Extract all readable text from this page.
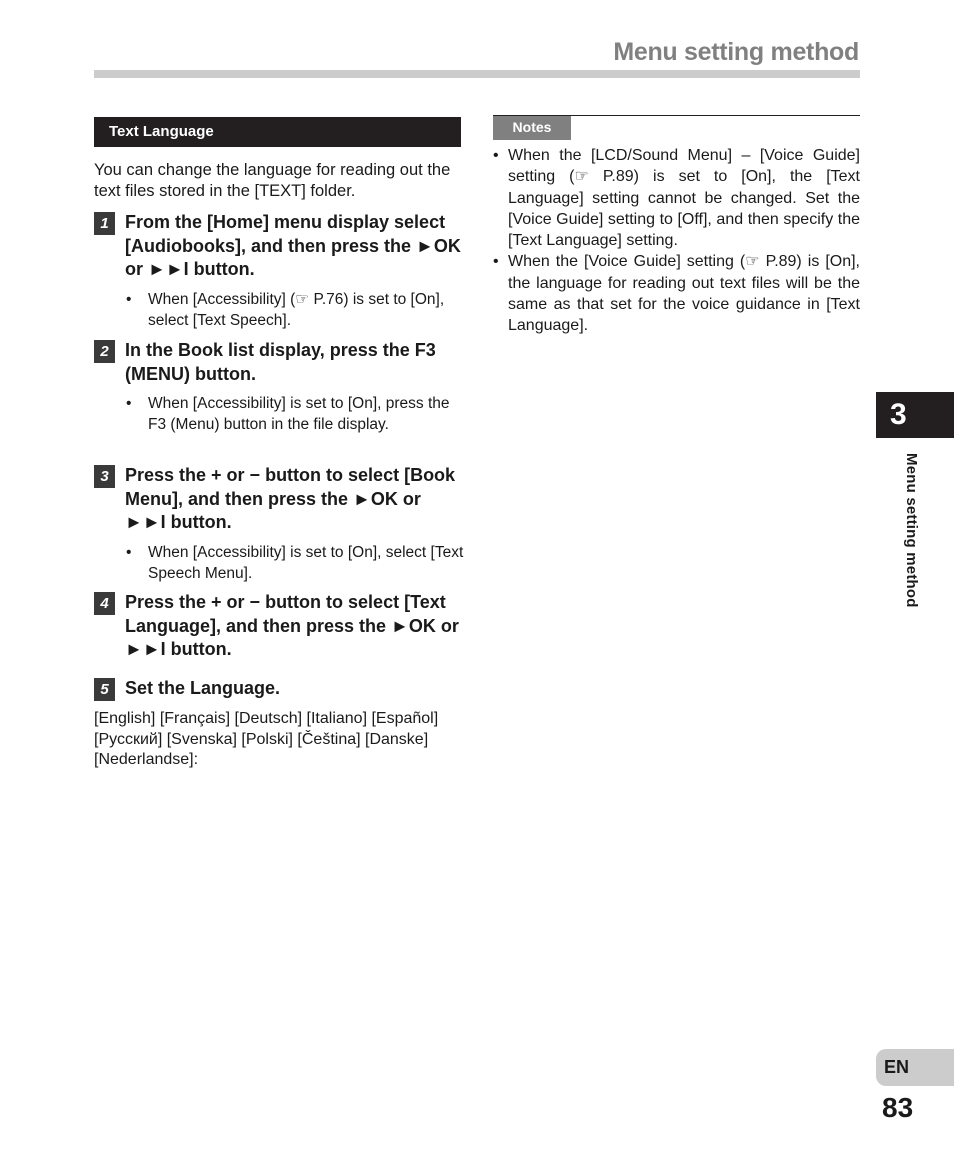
Menu setting method
Text Language

You can change the language for reading out the text files stored in the [TEXT] folder.

1 From the [Home] menu display select [Audiobooks], and then press the ►OK or ►►I button.

• When [Accessibility] (☞ P.76) is set to [On], select [Text Speech].
2 In the Book list display, press the F3 (MENU) button.

• When [Accessibility] is set to [On], press the F3 (Menu) button in the file display.
3 Press the + or − button to select [Book Menu], and then press the ►OK or ►►I button.

• When [Accessibility] is set to [On], select [Text Speech Menu].
4 Press the + or − button to select [Text Language], and then press the ►OK or ►►I button.

5 Set the Language.

[English] [Français] [Deutsch] [Italiano] [Español] [Русский] [Svenska] [Polski] [Čeština] [Danske] [Nederlandse]:

Notes
• When the [LCD/Sound Menu] – [Voice Guide] setting (☞ P.89) is set to [On], the [Text Language] setting cannot be changed. Set the [Voice Guide] setting to [Off], and then specify the [Text Language] setting.
• When the [Voice Guide] setting (☞ P.89) is [On], the language for reading out text files will be the same as that set for the voice guidance in [Text Language].
3
Menu setting method
EN
83
